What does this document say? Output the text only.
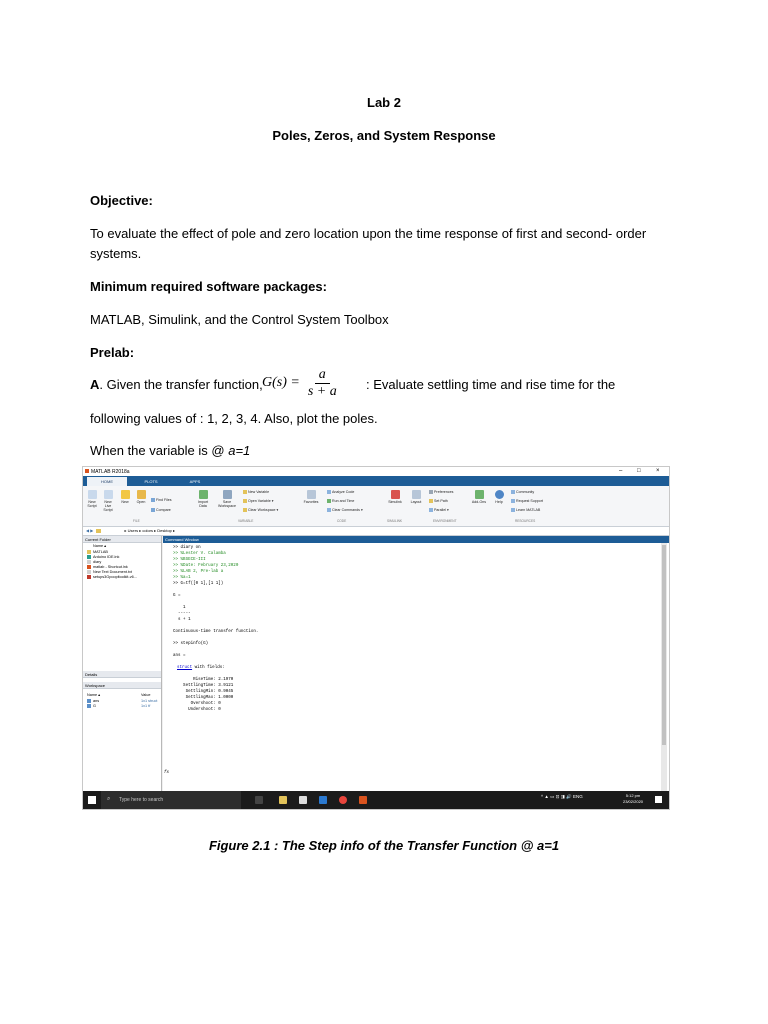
Lab 2
Poles, Zeros, and System Response
Objective:
To evaluate the effect of pole and zero location upon the time response of first and second- order
systems.
Minimum required software packages:
MATLAB, Simulink, and the Control System Toolbox
Prelab:
A. Given the transfer function, $G(s) = \frac{a}{s + a}$ : Evaluate settling time and rise time for the
following values of : 1, 2, 3, 4. Also, plot the poles.
When the variable is @ a=1
MATLAB R2018a	– □	×
HOME	PLOTS	APPS
New Script
New Live Script
New	Open	Find Files
Compare
Import Data
Save Workspace
New Variable
Open Variable ▾
Clear Workspace ▾
Favorites
Analyze Code
Run and Time
Clear Commands ▾
Simulink	Layout
Preferences
Set Path
Parallel ▾
Add-Ons	Help
Community
Request Support
Learn MATLAB
FILE	VARIABLE	CODE	SIMULINK	ENVIRONMENT	RESOURCES
◀ ▶	▸ Users ▸ colors ▸ Desktop ▸
Current Folder
Name ▴
MATLAB
Arduino IDE.lnk
diary
matlab - Shortcut.lnk
New Text Document.txt
setups3Gpoopltoolkit-v6...
Details
Workspace
Name ▴	Value
ans	1x1 struct
G	1x1 tf
Command Window
>> diary on
>> %Lester V. Calamba
>> %BSECE-III
>> %Date: February 23,2020
>> %LAB 2, Pre-lab a
>> %a=1
>> G=tf([0 1],[1 1])
G =
1
-----
s + 1
Continuous-time transfer function.
>> stepinfo(G)
ans =
struct with fields:
RiseTime: 2.1970
SettlingTime: 3.9121
SettlingMin: 0.9045
SettlingMax: 1.0000
Overshoot: 0
Undershoot: 0
fx
Type here to search
⌕	^ ▲ ▭ ⊡ ◨ 🔊 ENG	5:12 pm
23/02/2020
Figure 2.1 : The Step info of the Transfer Function @ a=1
